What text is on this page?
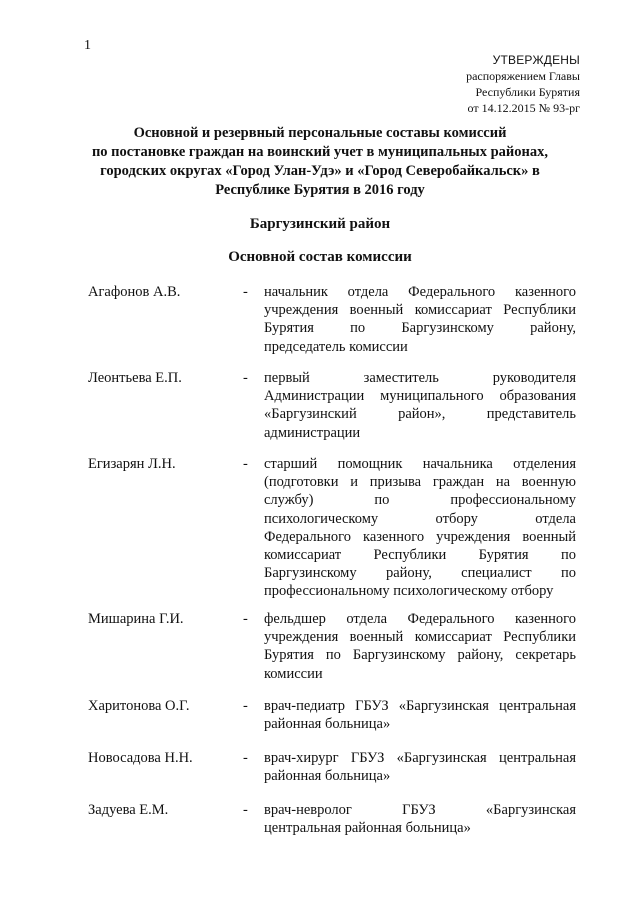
1
УТВЕРЖДЕНЫ
распоряжением Главы
Республики Бурятия
от 14.12.2015 № 93-рг
Основной и резервный персональные составы комиссий
по постановке граждан на воинский учет в муниципальных районах,
городских округах «Город Улан-Удэ» и «Город Северобайкальск» в
Республике Бурятия в 2016 году
Баргузинский район
Основной состав комиссии
Агафонов А.В.	- начальник отдела Федерального казенного
учреждения военный комиссариат Республики
Бурятия по Баргузинскому району,
председатель комиссии
Леонтьева Е.П.	- первый заместитель руководителя
Администрации муниципального образования
«Баргузинский район», представитель
администрации
Егизарян Л.Н.	- старший помощник начальника отделения
(подготовки и призыва граждан на военную
службу) по профессиональному
психологическому отбору отдела
Федерального казенного учреждения военный
комиссариат Республики Бурятия по
Баргузинскому району, специалист по
профессиональному психологическому отбору
Мишарина Г.И.	- фельдшер отдела Федерального казенного
учреждения военный комиссариат Республики
Бурятия по Баргузинскому району, секретарь
комиссии
Харитонова О.Г.	- врач-педиатр ГБУЗ «Баргузинская центральная
районная больница»
Новосадова Н.Н.	- врач-хирург ГБУЗ «Баргузинская центральная
районная больница»
Задуева Е.М.	- врач-невролог ГБУЗ «Баргузинская
центральная районная больница»
